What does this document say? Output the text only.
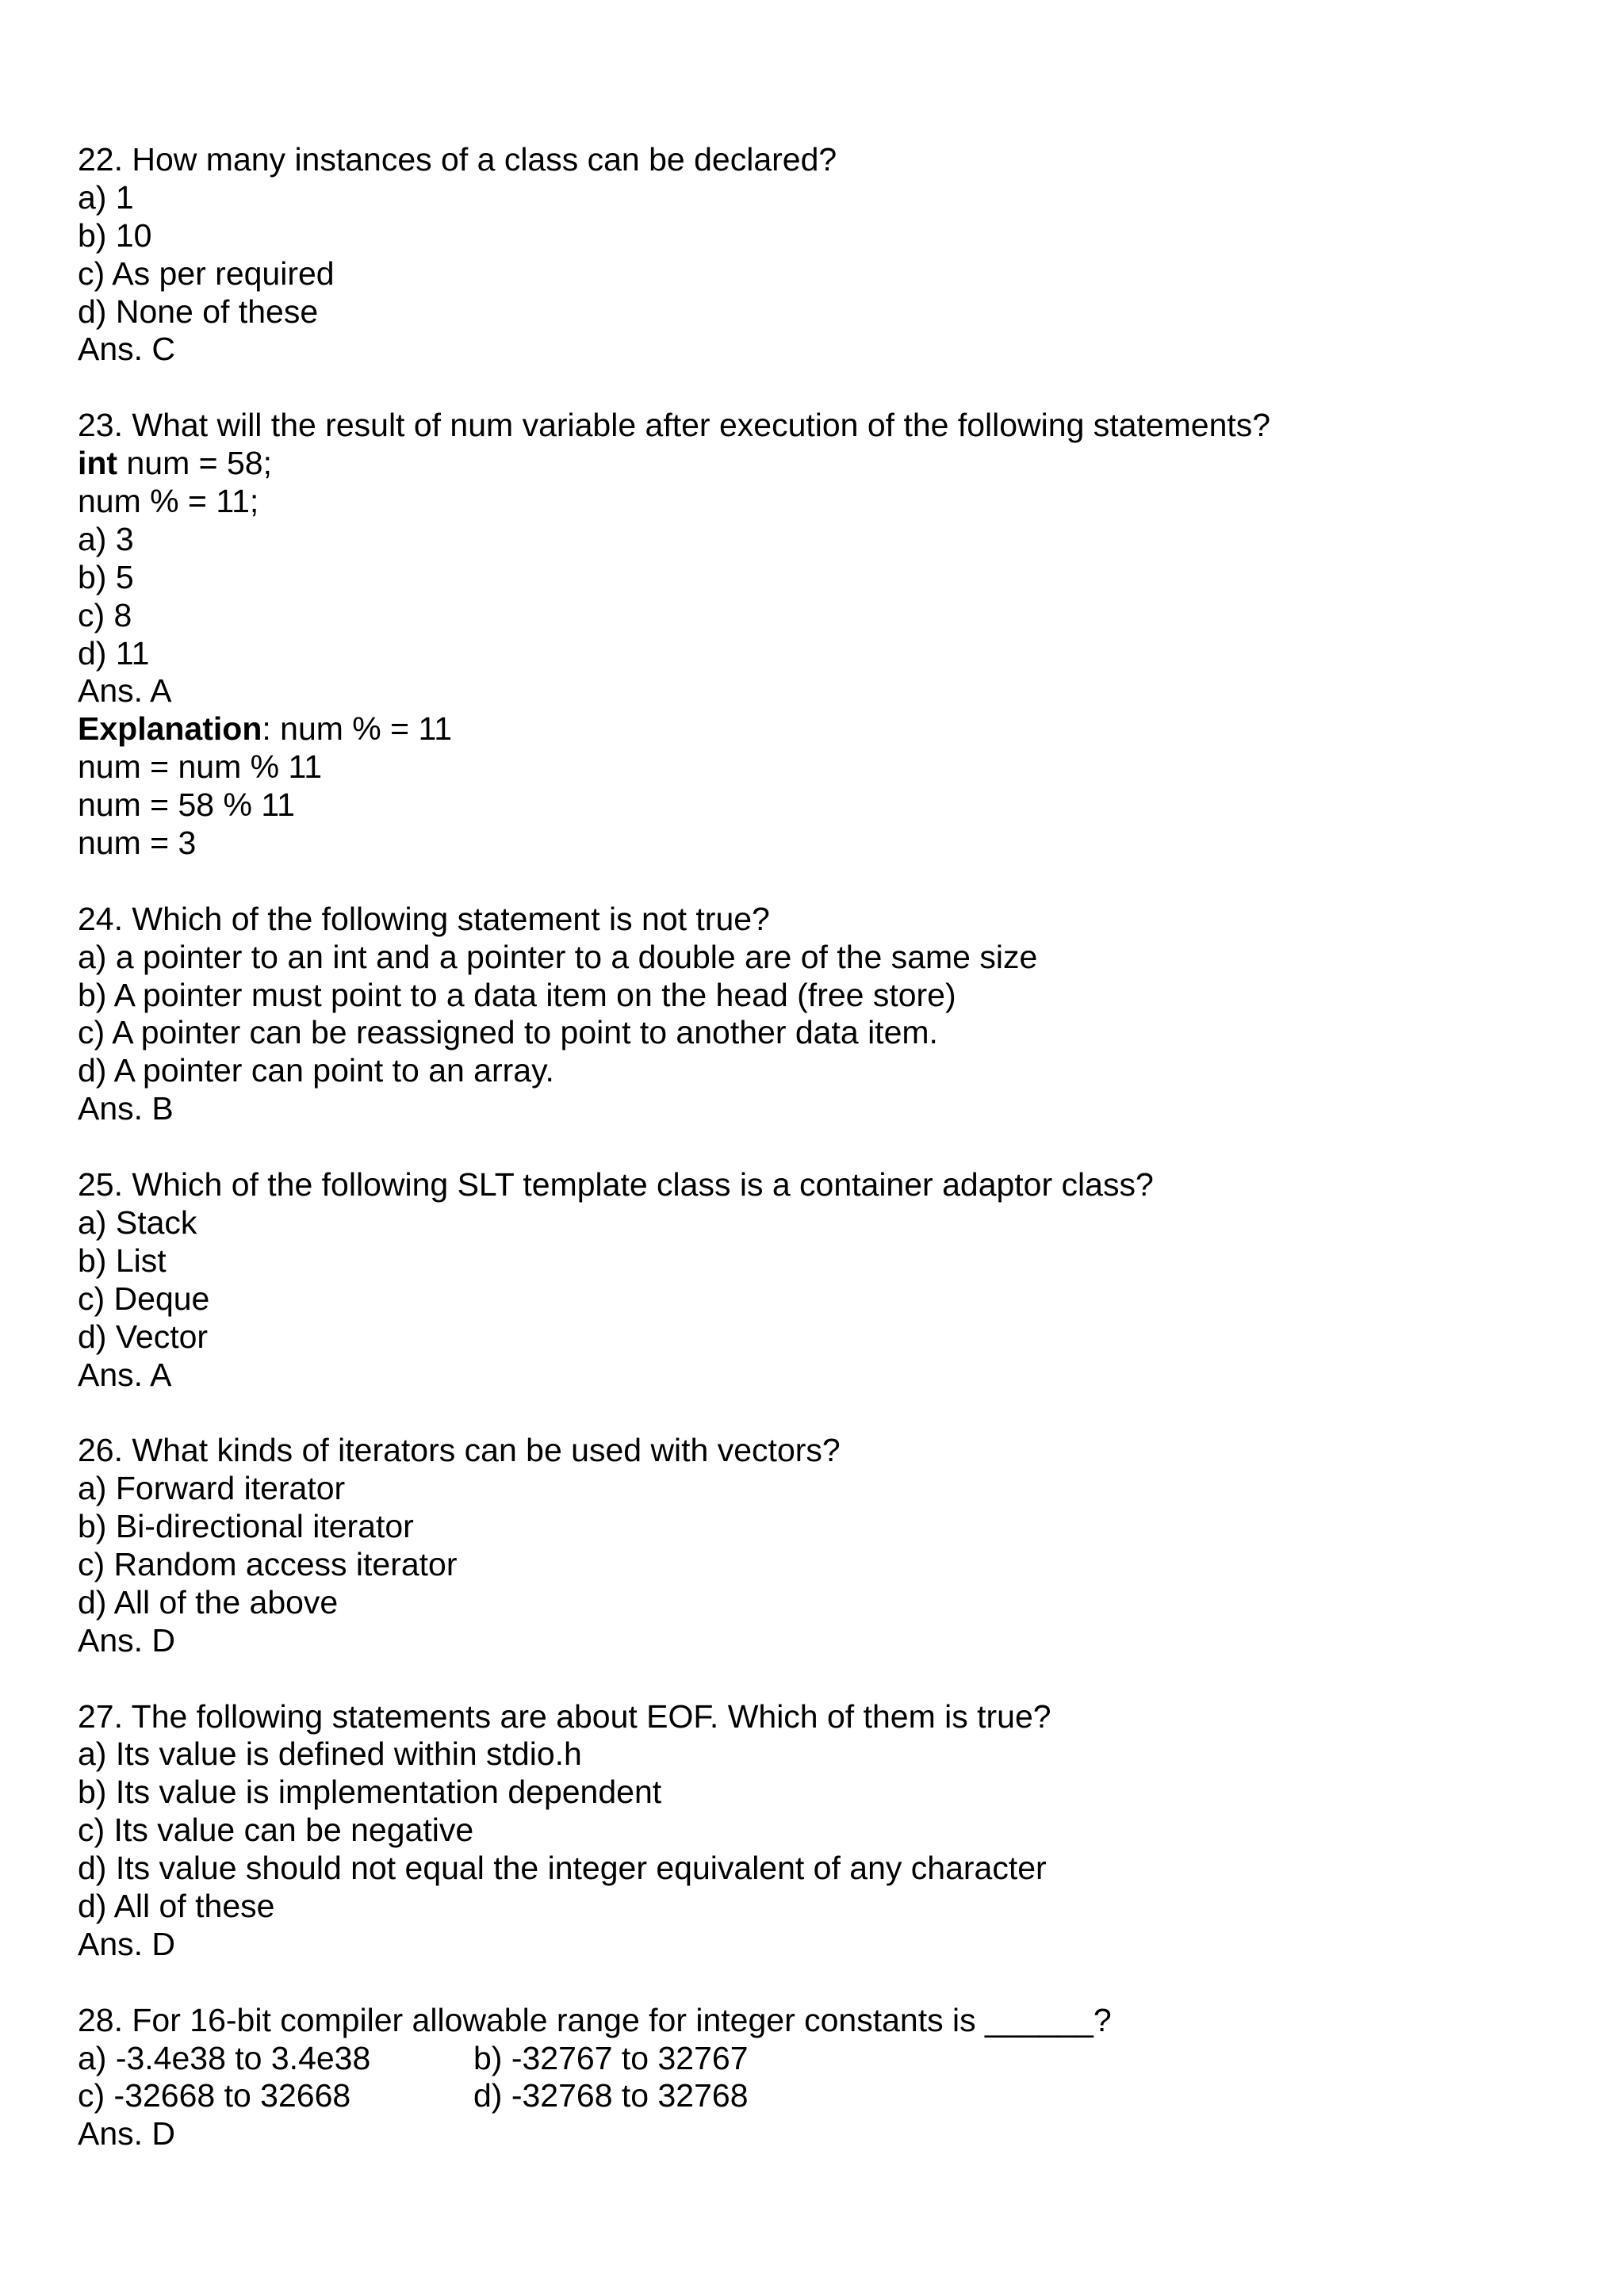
22. How many instances of a class can be declared?
a) 1
b) 10
c) As per required
d) None of these
Ans. C
23. What will the result of num variable after execution of the following statements?
int num = 58;
num % = 11;
a) 3
b) 5
c) 8
d) 11
Ans. A
Explanation: num % = 11
num = num % 11
num = 58 % 11
num = 3
24. Which of the following statement is not true?
a) a pointer to an int and a pointer to a double are of the same size
b) A pointer must point to a data item on the head (free store)
c) A pointer can be reassigned to point to another data item.
d) A pointer can point to an array.
Ans. B
25. Which of the following SLT template class is a container adaptor class?
a) Stack
b) List
c) Deque
d) Vector
Ans. A
26. What kinds of iterators can be used with vectors?
a) Forward iterator
b) Bi-directional iterator
c) Random access iterator
d) All of the above
Ans. D
27. The following statements are about EOF. Which of them is true?
a) Its value is defined within stdio.h
b) Its value is implementation dependent
c) Its value can be negative
d) Its value should not equal the integer equivalent of any character
d) All of these
Ans. D
28. For 16-bit compiler allowable range for integer constants is ______?
a) -3.4e38 to 3.4e38	b) -32767 to 32767
c) -32668 to 32668	d) -32768 to 32768
Ans. D
